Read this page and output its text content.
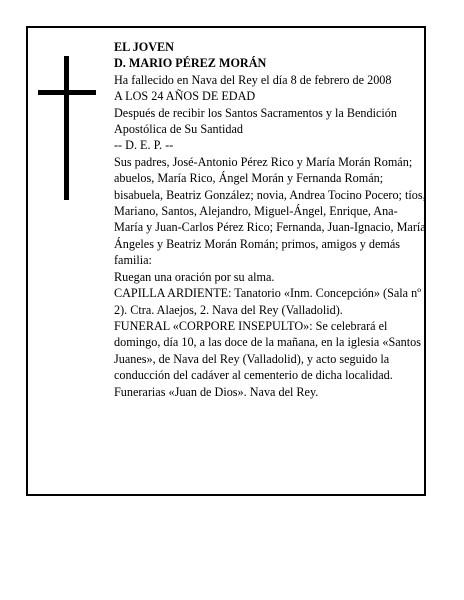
EL JOVEN

D. MARIO PÉREZ MORÁN

Ha fallecido en Nava del Rey el día 8 de febrero de 2008

A LOS 24 AÑOS DE EDAD

Después de recibir los Santos Sacramentos y la Bendición Apostólica de Su Santidad

-- D. E. P. --

Sus padres, José-Antonio Pérez Rico y María Morán Román; abuelos, María Rico, Ángel Morán y Fernanda Román; bisabuela, Beatriz González; novia, Andrea Tocino Pocero; tíos, Mariano, Santos, Alejandro, Miguel-Ángel, Enrique, Ana-María y Juan-Carlos Pérez Rico; Fernanda, Juan-Ignacio, María Ángeles y Beatriz Morán Román; primos, amigos y demás familia:

Ruegan una oración por su alma.

CAPILLA ARDIENTE: Tanatorio «Inm. Concepción» (Sala nº 2). Ctra. Alaejos, 2. Nava del Rey (Valladolid).

FUNERAL «CORPORE INSEPULTO»: Se celebrará el domingo, día 10, a las doce de la mañana, en la iglesia «Santos Juanes», de Nava del Rey (Valladolid), y acto seguido la conducción del cadáver al cementerio de dicha localidad.

Funerarias «Juan de Dios». Nava del Rey.
